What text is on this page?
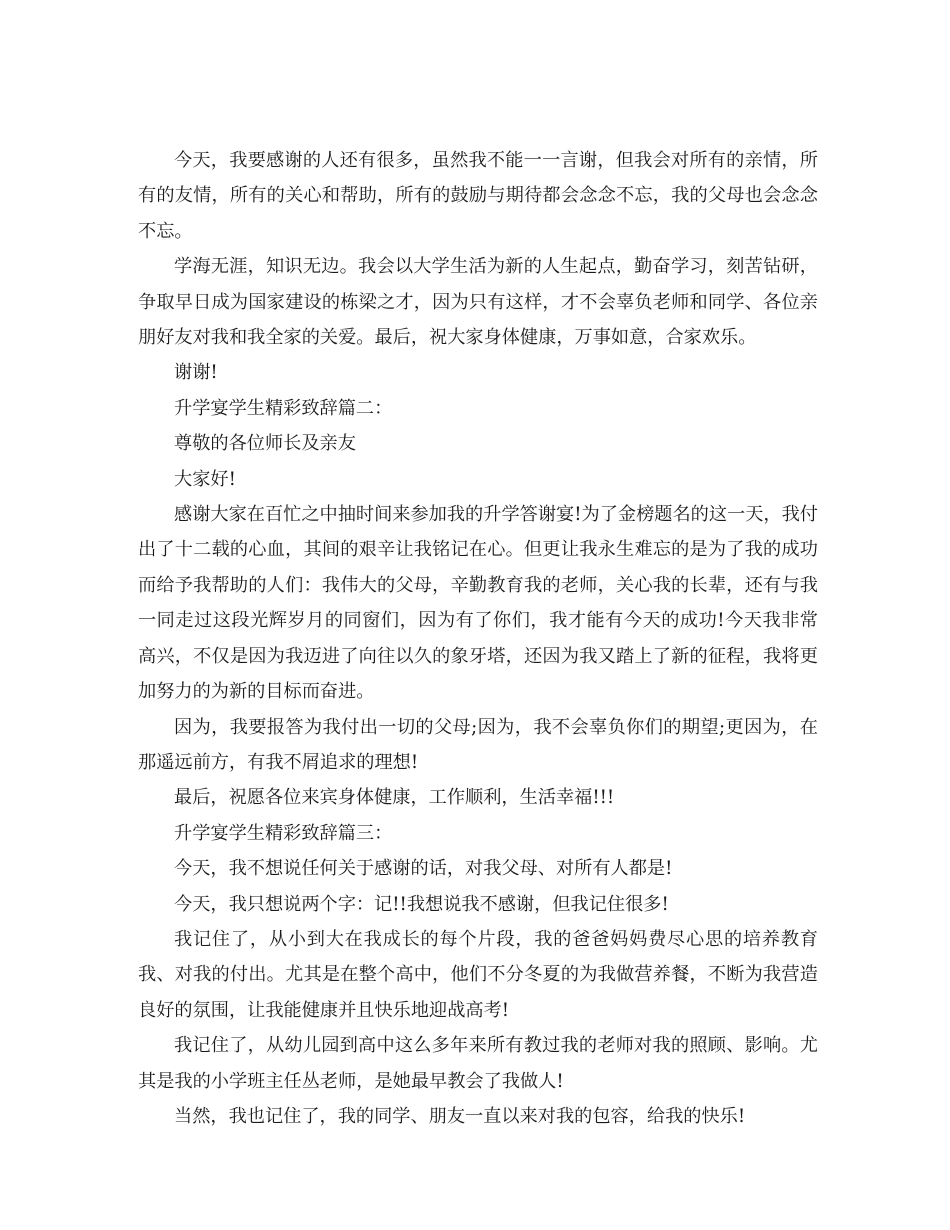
今天，我要感谢的人还有很多，虽然我不能一一言谢，但我会对所有的亲情，所有的友情，所有的关心和帮助，所有的鼓励与期待都会念念不忘，我的父母也会念念不忘。

学海无涯，知识无边。我会以大学生活为新的人生起点，勤奋学习，刻苦钻研，争取早日成为国家建设的栋梁之才，因为只有这样，才不会辜负老师和同学、各位亲朋好友对我和我全家的关爱。最后，祝大家身体健康，万事如意，合家欢乐。

谢谢!

升学宴学生精彩致辞篇二：

尊敬的各位师长及亲友

大家好!

感谢大家在百忙之中抽时间来参加我的升学答谢宴!为了金榜题名的这一天，我付出了十二载的心血，其间的艰辛让我铭记在心。但更让我永生难忘的是为了我的成功而给予我帮助的人们：我伟大的父母，辛勤教育我的老师，关心我的长辈，还有与我一同走过这段光辉岁月的同窗们，因为有了你们，我才能有今天的成功!今天我非常高兴，不仅是因为我迈进了向往以久的象牙塔，还因为我又踏上了新的征程，我将更加努力的为新的目标而奋进。

因为，我要报答为我付出一切的父母;因为，我不会辜负你们的期望;更因为，在那遥远前方，有我不屑追求的理想!

最后，祝愿各位来宾身体健康，工作顺利，生活幸福!!!

升学宴学生精彩致辞篇三：

今天，我不想说任何关于感谢的话，对我父母、对所有人都是!

今天，我只想说两个字：记!!我想说我不感谢，但我记住很多!

我记住了，从小到大在我成长的每个片段，我的爸爸妈妈费尽心思的培养教育我、对我的付出。尤其是在整个高中，他们不分冬夏的为我做营养餐，不断为我营造良好的氛围，让我能健康并且快乐地迎战高考!

我记住了，从幼儿园到高中这么多年来所有教过我的老师对我的照顾、影响。尤其是我的小学班主任丛老师，是她最早教会了我做人!

当然，我也记住了，我的同学、朋友一直以来对我的包容，给我的快乐!
